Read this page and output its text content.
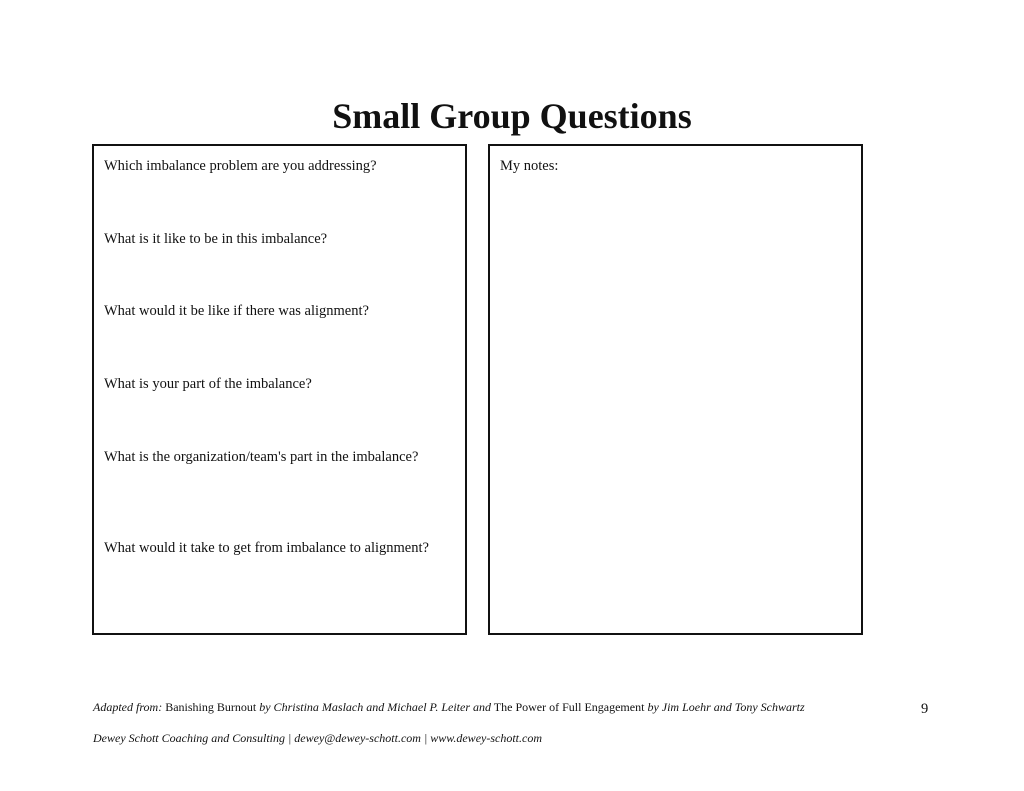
Small Group Questions
Which imbalance problem are you addressing?
What is it like to be in this imbalance?
What would it be like if there was alignment?
What is your part of the imbalance?
What is the organization/team's part in the imbalance?
What would it take to get from imbalance to alignment?
My notes:
Adapted from: Banishing Burnout by Christina Maslach and Michael P. Leiter and The Power of Full Engagement by Jim Loehr and Tony Schwartz	9
Dewey Schott Coaching and Consulting | dewey@dewey-schott.com | www.dewey-schott.com
